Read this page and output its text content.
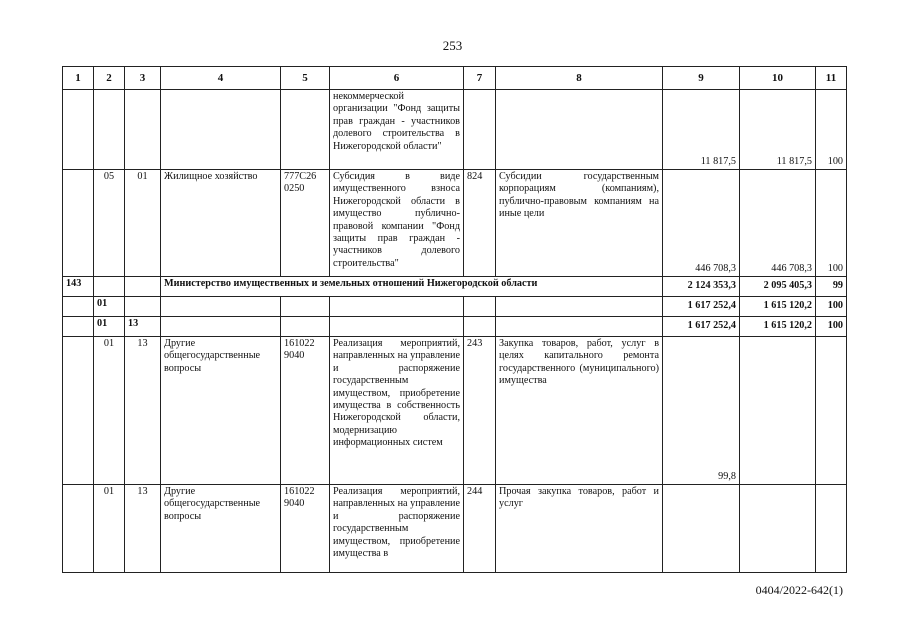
253
1	2	3	4	5	6	7	8	9	10	11
					некоммерческой организации "Фонд защиты прав граждан - участников долевого строительства в Нижегородской области"			11 817,5	11 817,5	100
	05	01	Жилищное хозяйство	777С26 0250	Субсидия в виде имущественного взноса Нижегородской области в имущество публично-правовой компании "Фонд защиты прав граждан - участников долевого строительства"	824	Субсидии государственным корпорациям (компаниям), публично-правовым компаниям на иные цели	446 708,3	446 708,3	100
143			Министерство имущественных и земельных отношений Нижегородской области					2 124 353,3	2 095 405,3	99
	01							1 617 252,4	1 615 120,2	100
	01	13						1 617 252,4	1 615 120,2	100
	01	13	Другие общегосударственные вопросы	161022 9040	Реализация мероприятий, направленных на управление и распоряжение государственным имуществом, приобретение имущества в собственность Нижегородской области, модернизацию информационных систем	243	Закупка товаров, работ, услуг в целях капитального ремонта государственного (муниципального) имущества	99,8		
	01	13	Другие общегосударственные вопросы	161022 9040	Реализация мероприятий, направленных на управление и распоряжение государственным имуществом, приобретение имущества в	244	Прочая закупка товаров, работ и услуг			
0404/2022-642(1)
